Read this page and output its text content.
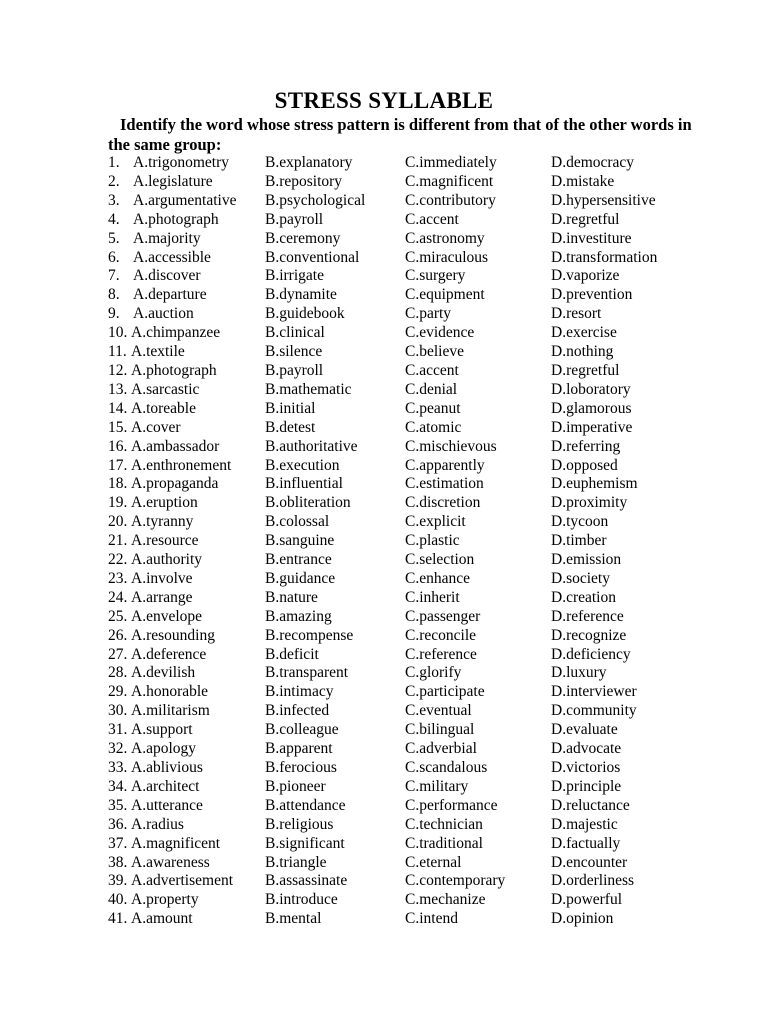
STRESS SYLLABLE
Identify the word whose stress pattern is different from that of the other words in the same group:
1. A.trigonometry B.explanatory	C.immediately	D.democracy
2. A.legislature	B.repository	C.magnificent	D.mistake
3. A.argumentative B.psychological	C.contributory	D.hypersensitive
4. A.photograph	B.payroll	C.accent	D.regretful
5. A.majority	B.ceremony	C.astronomy	D.investiture
6. A.accessible	B.conventional	C.miraculous	D.transformation
7. A.discover	B.irrigate	C.surgery	D.vaporize
8. A.departure	B.dynamite	C.equipment	D.prevention
9. A.auction	B.guidebook	C.party	D.resort
10. A.chimpanzee	B.clinical	C.evidence	D.exercise
11. A.textile	B.silence	C.believe	D.nothing
12. A.photograph	B.payroll	C.accent	D.regretful
13. A.sarcastic	B.mathematic	C.denial	D.loboratory
14. A.toreable	B.initial	C.peanut	D.glamorous
15. A.cover	B.detest	C.atomic	D.imperative
16. A.ambassador	B.authoritative	C.mischievous	D.referring
17. A.enthronement B.execution	C.apparently	D.opposed
18. A.propaganda	B.influential	C.estimation	D.euphemism
19. A.eruption	B.obliteration	C.discretion	D.proximity
20. A.tyranny	B.colossal	C.explicit	D.tycoon
21. A.resource	B.sanguine	C.plastic	D.timber
22. A.authority	B.entrance	C.selection	D.emission
23. A.involve	B.guidance	C.enhance	D.society
24. A.arrange	B.nature	C.inherit	D.creation
25. A.envelope	B.amazing	C.passenger	D.reference
26. A.resounding	B.recompense	C.reconcile	D.recognize
27. A.deference	B.deficit	C.reference	D.deficiency
28. A.devilish	B.transparent	C.glorify	D.luxury
29. A.honorable	B.intimacy	C.participate	D.interviewer
30. A.militarism	B.infected	C.eventual	D.community
31. A.support	B.colleague	C.bilingual	D.evaluate
32. A.apology	B.apparent	C.adverbial	D.advocate
33. A.ablivious	B.ferocious	C.scandalous	D.victorios
34. A.architect	B.pioneer	C.military	D.principle
35. A.utterance	B.attendance	C.performance	D.reluctance
36. A.radius	B.religious	C.technician	D.majestic
37. A.magnificent	B.significant	C.traditional	D.factually
38. A.awareness	B.triangle	C.eternal	D.encounter
39. A.advertisement B.assassinate	C.contemporary	D.orderliness
40. A.property	B.introduce	C.mechanize	D.powerful
41. A.amount	B.mental	C.intend	D.opinion
